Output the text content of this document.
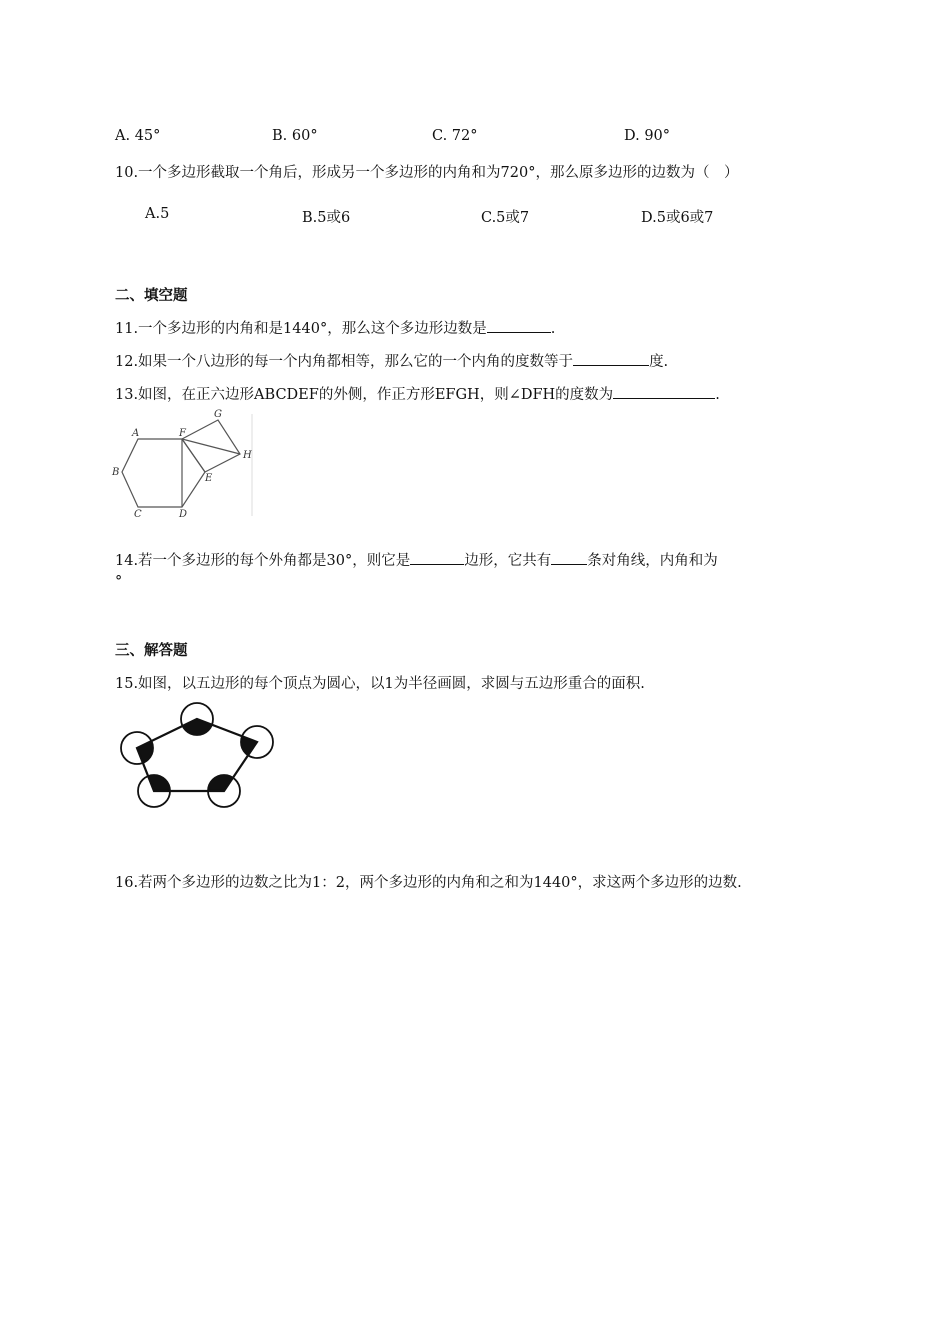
A. 45°	B. 60°	C. 72°	D. 90°
10.一个多边形截取一个角后，形成另一个多边形的内角和为720°，那么原多边形的边数为（　）
A.5	B.5或6	C.5或7	D.5或6或7
二、填空题
11.一个多边形的内角和是1440°，那么这个多边形边数是	.
12.如果一个八边形的每一个内角都相等，那么它的一个内角的度数等于	度.
13.如图，在正六边形ABCDEF的外侧，作正方形EFGH，则∠DFH的度数为	.
A
B
C	D
E
F
G
H
14.若一个多边形的每个外角都是30°，则它是	边形，它共有 条对角线，内角和为
°
三、解答题
15.如图，以五边形的每个顶点为圆心，以1为半径画圆，求圆与五边形重合的面积.
16.若两个多边形的边数之比为1：2，两个多边形的内角和之和为1440°，求这两个多边形的边数.
